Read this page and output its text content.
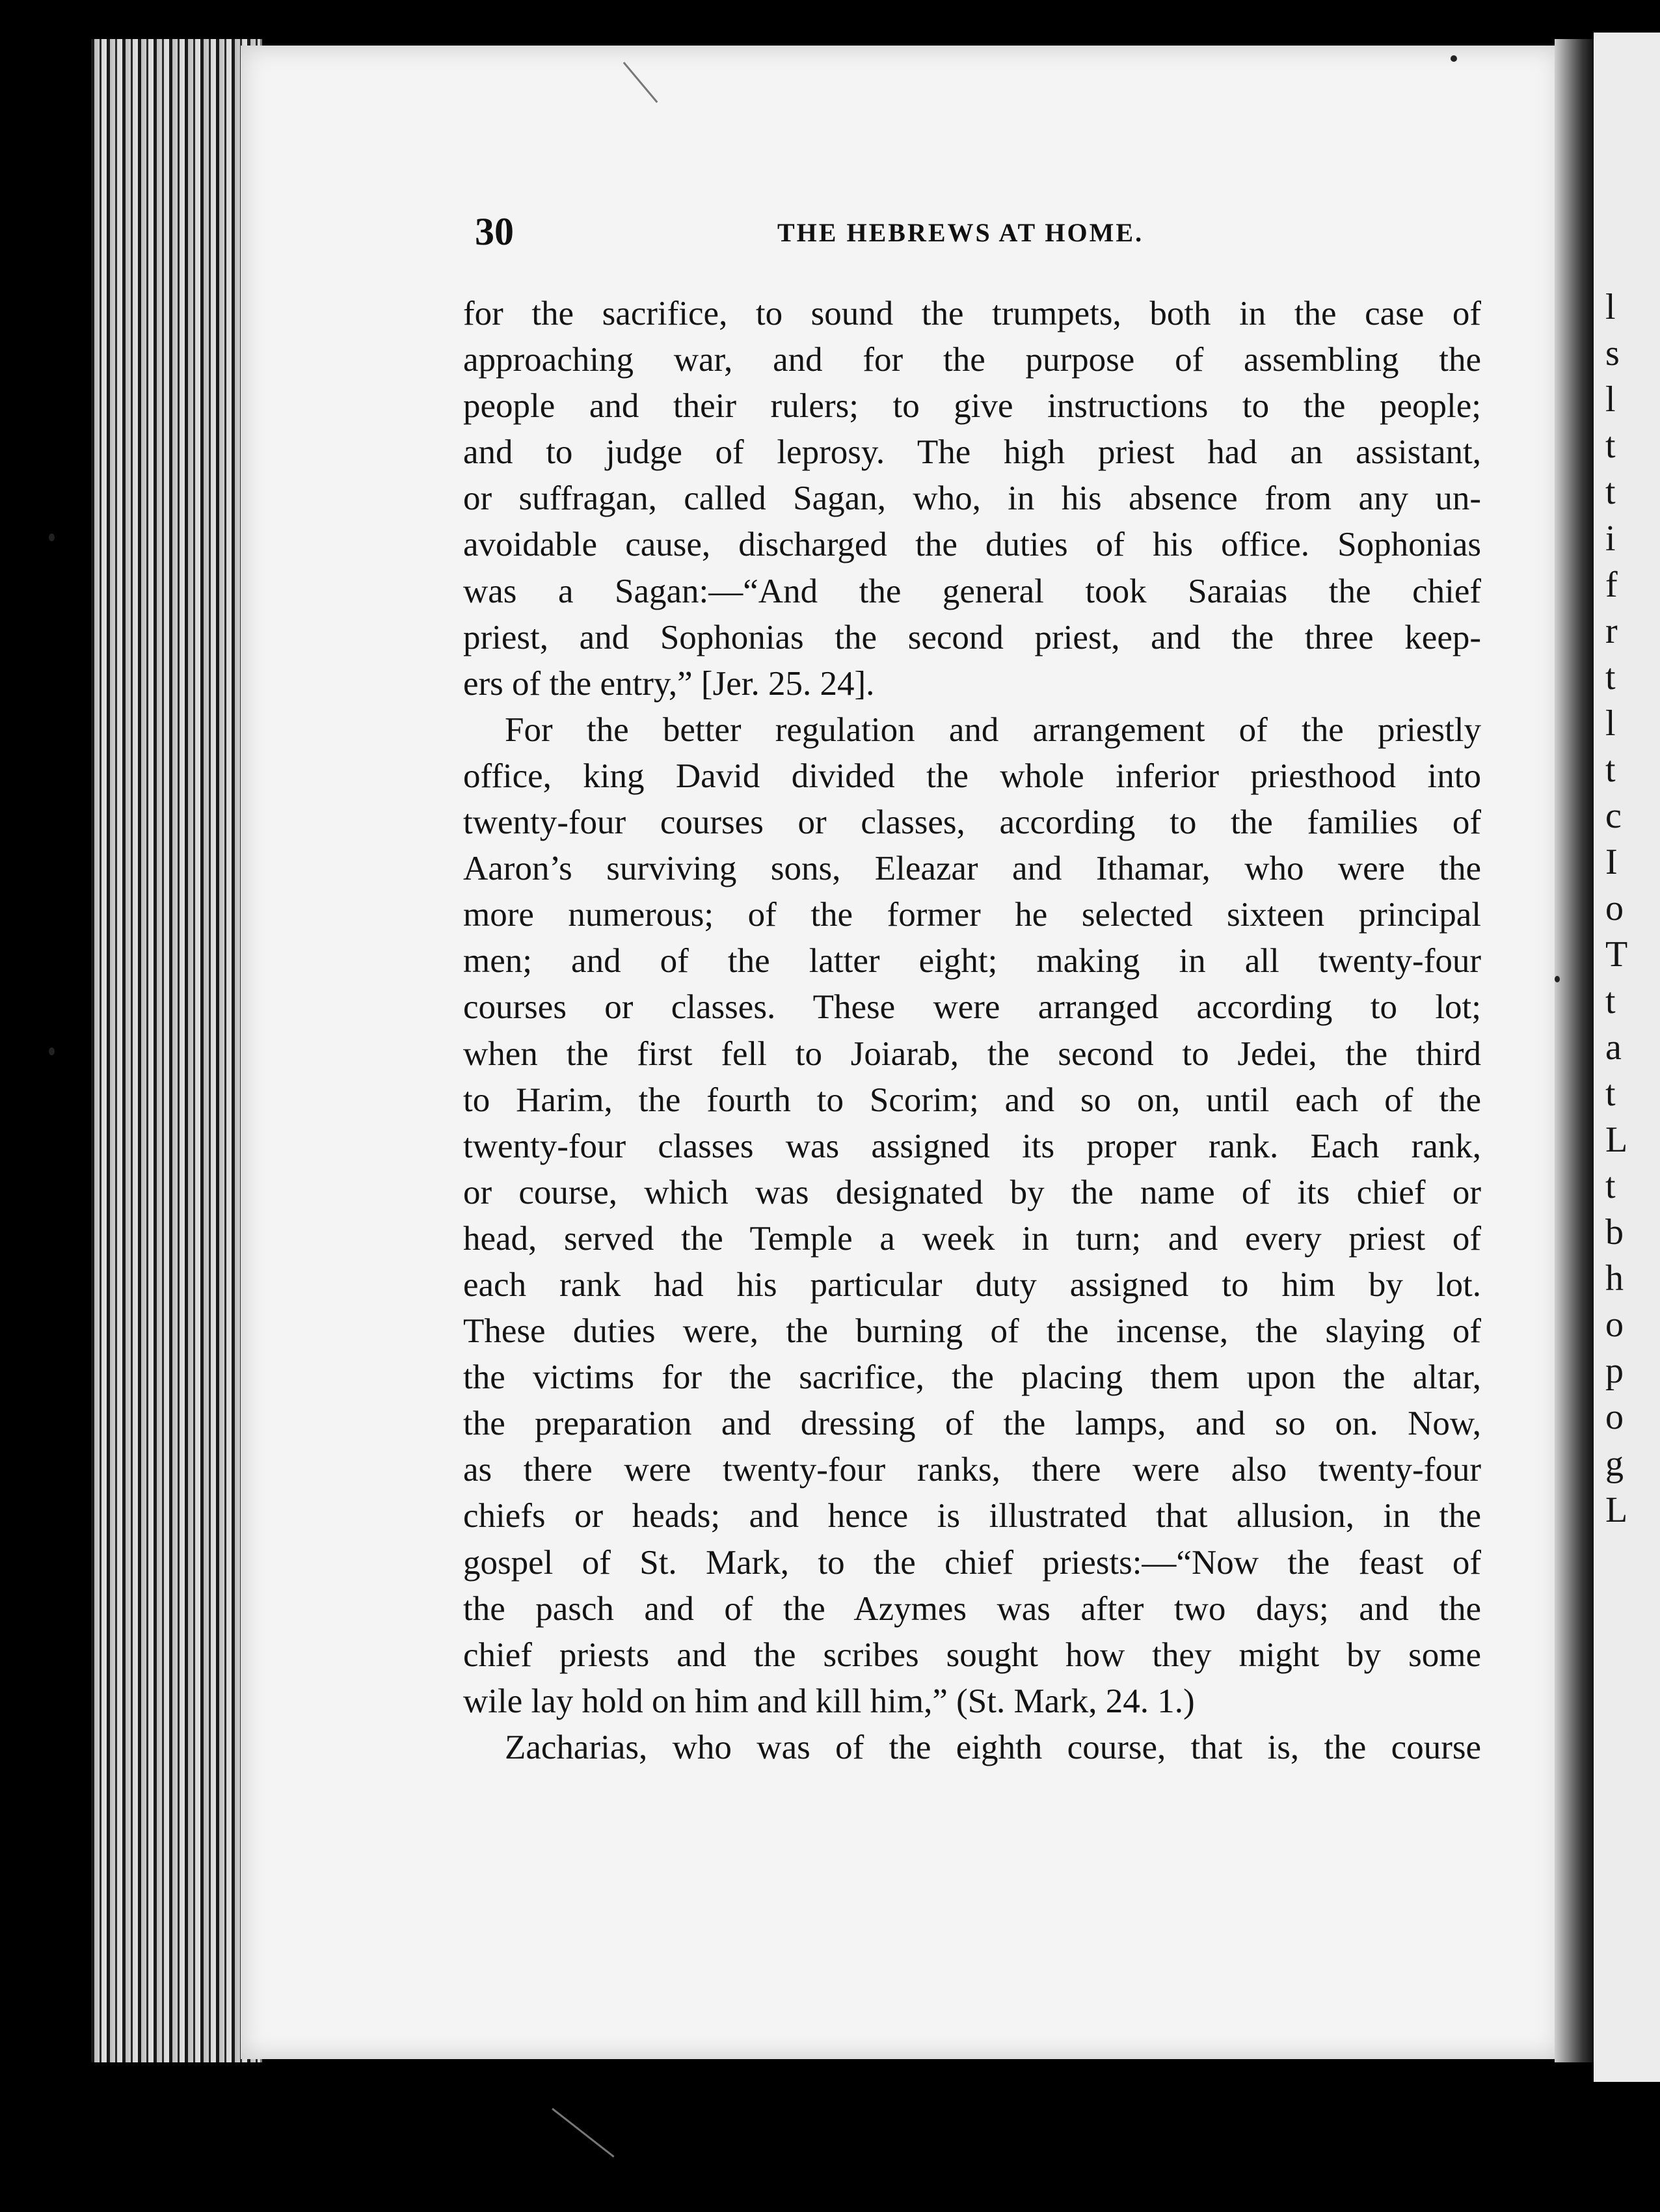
l
s
l
t
t
i
f
r
t
l
t
c
I
o
T
t
a
t
L
t
b
h
o
p
o
g
L
30	THE HEBREWS AT HOME.
for the sacrifice, to sound the trumpets, both in the case of
approaching war, and for the purpose of assembling the
people and their rulers; to give instructions to the people;
and to judge of leprosy. The high priest had an assistant,
or suffragan, called Sagan, who, in his absence from any un-
avoidable cause, discharged the duties of his office. Sophonias
was a Sagan:—“And the general took Saraias the chief
priest, and Sophonias the second priest, and the three keep-
ers of the entry,” [Jer. 25. 24].
For the better regulation and arrangement of the priestly
office, king David divided the whole inferior priesthood into
twenty-four courses or classes, according to the families of
Aaron’s surviving sons, Eleazar and Ithamar, who were the
more numerous; of the former he selected sixteen principal
men; and of the latter eight; making in all twenty-four
courses or classes. These were arranged according to lot;
when the first fell to Joiarab, the second to Jedei, the third
to Harim, the fourth to Scorim; and so on, until each of the
twenty-four classes was assigned its proper rank. Each rank,
or course, which was designated by the name of its chief or
head, served the Temple a week in turn; and every priest of
each rank had his particular duty assigned to him by lot.
These duties were, the burning of the incense, the slaying of
the victims for the sacrifice, the placing them upon the altar,
the preparation and dressing of the lamps, and so on. Now,
as there were twenty-four ranks, there were also twenty-four
chiefs or heads; and hence is illustrated that allusion, in the
gospel of St. Mark, to the chief priests:—“Now the feast of
the pasch and of the Azymes was after two days; and the
chief priests and the scribes sought how they might by some
wile lay hold on him and kill him,” (St. Mark, 24. 1.)
Zacharias, who was of the eighth course, that is, the course
